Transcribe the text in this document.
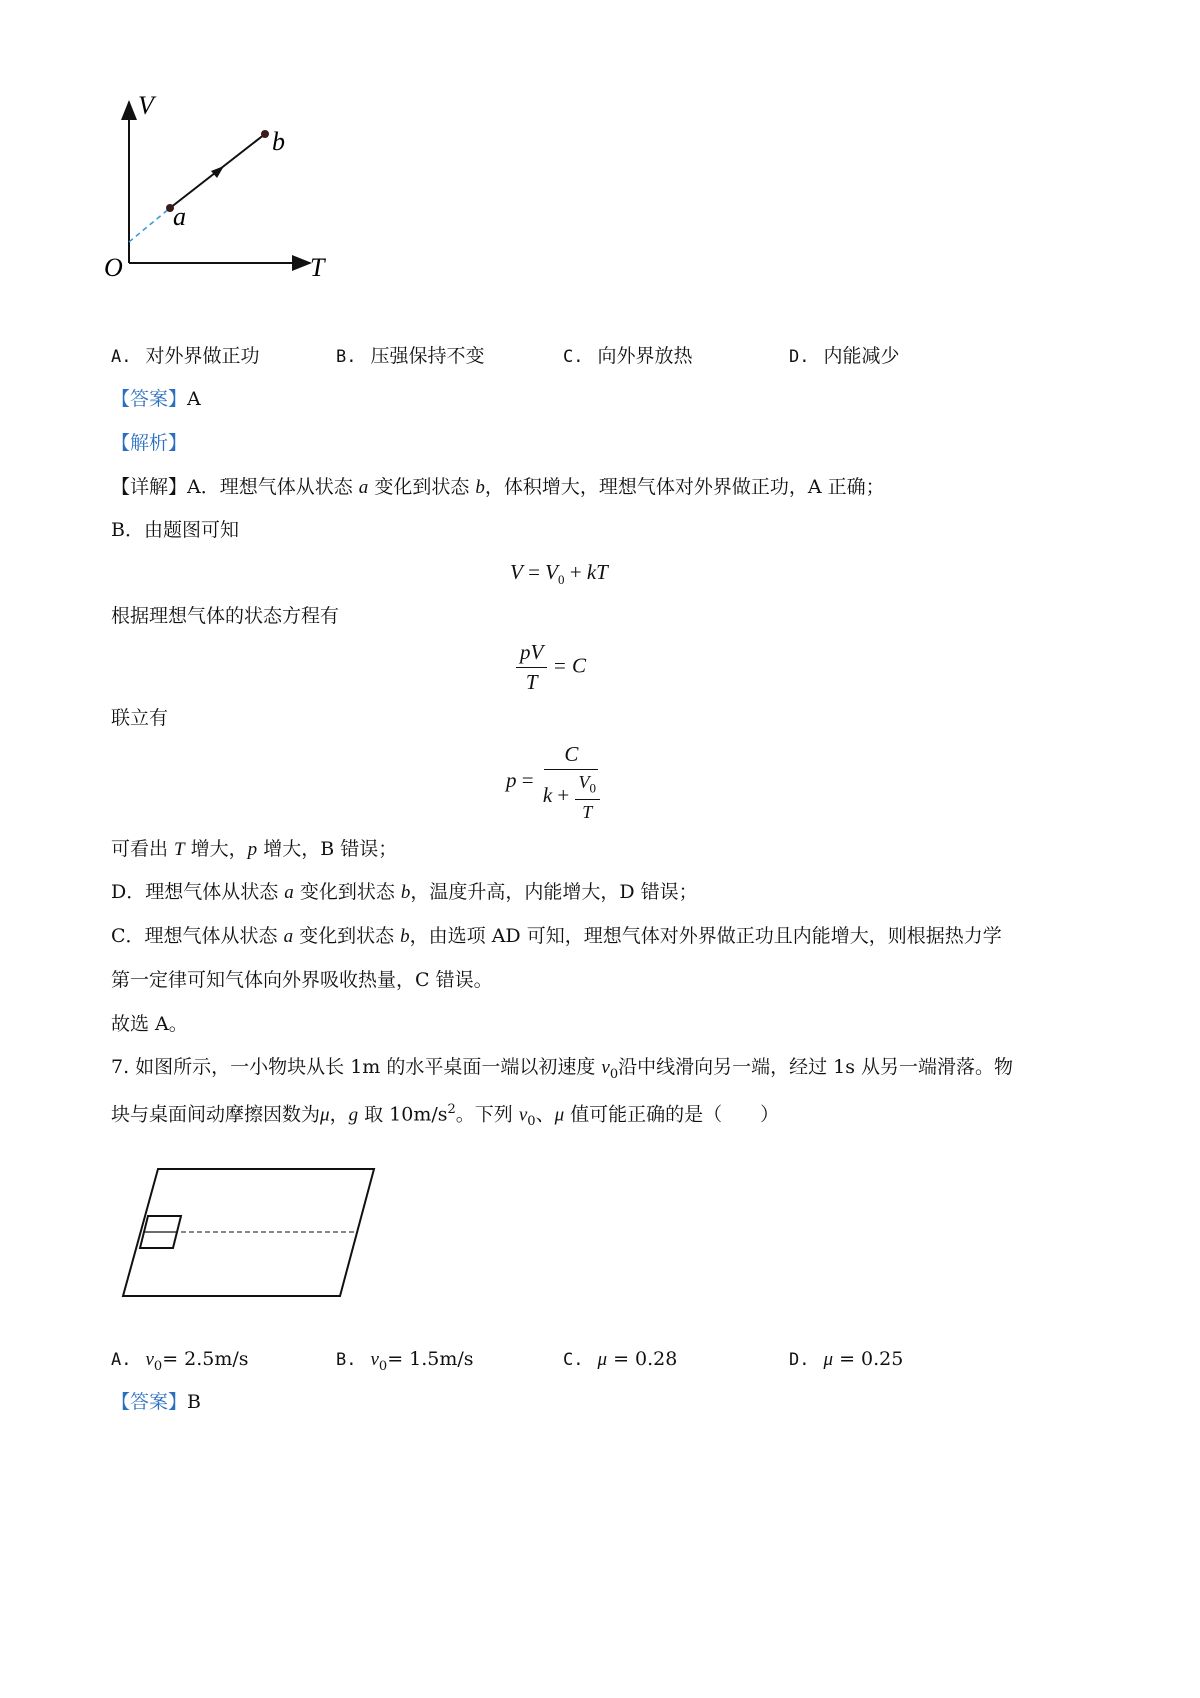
V
T
O
a
b
A. 对外界做正功	B. 压强保持不变	C. 向外界放热	D. 内能减少
【答案】A
【解析】
【详解】A．理想气体从状态 a 变化到状态 b，体积增大，理想气体对外界做正功，A 正确；
B．由题图可知
$V = V_0$ + kT
根据理想气体的状态方程有
$\frac{pV}{T} = C$
联立有
$p = \frac{C}{k + \frac{V_0}{T}}$
可看出 T 增大，p 增大，B 错误；
D．理想气体从状态 a 变化到状态 b，温度升高，内能增大，D 错误；
C．理想气体从状态 a 变化到状态 b，由选项 AD 可知，理想气体对外界做正功且内能增大，则根据热力学
第一定律可知气体向外界吸收热量，C 错误。
故选 A。
7. 如图所示，一小物块从长 1m 的水平桌面一端以初速度 $v_0$沿中线滑向另一端，经过 1s 从另一端滑落。物
块与桌面间动摩擦因数为μ，g 取 $10m/s^2$。下列 $v_0$、μ 值可能正确的是（　　）
A. $v_0= 2.5m/s$	B. $v_0= 1.5m/s$	C. μ = 0.28	D. μ = 0.25
【答案】B
